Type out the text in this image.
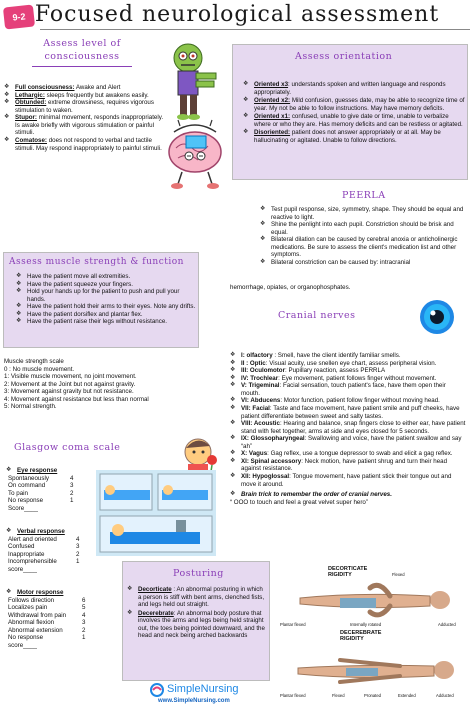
9-2 Focused neurological assessment
Assess level of consciousness
❖ Full consciousness: Awake and Alert
❖ Lethargic: sleeps frequently but awakens easily.
❖ Obtunded: extreme drowsiness, requires vigorous stimulation to waken.
❖ Stupor: minimal movement, responds inappropriately. Is awake briefly with vigorous stimulation or painful stimuli.
❖ Comatose: does not respond to verbal and tactile stimuli. May respond inappropriately to painful stimuli.
Assess orientation
❖ Oriented x3: understands spoken and written language and responds appropriately.
❖ Oriented x2: Mild confusion, guesses date, may be able to recognize time of year. My not be able to follow instructions. May have memory deficits.
❖ Oriented x1: confused, unable to give date or time, unable to verbalize where or who they are. Has memory deficits and can be restless or agitated.
❖ Disoriented: patient does not answer appropriately or at all. May be hallucinating or agitated. Unable to follow directions.
PEERLA
❖ Test pupil response, size, symmetry, shape. They should be equal and reactive to light.
❖ Shine the penlight into each pupil. Constriction should be brisk and equal.
❖ Bilateral dilation can be caused by cerebral anoxia or anticholinergic medications. Be sure to assess the client's medication list and other symptoms.
❖ Bilateral constriction can be caused by: intracranial
hemorrhage, opiates, or organophosphates.
Assess muscle strength & function
❖ Have the patient move all extremities.
❖ Have the patient squeeze your fingers.
❖ Hold your hands up for the patient to push and pull your hands.
❖ Have the patient hold their arms to their eyes. Note any drifts.
❖ Have the patient dorsiflex and plantar flex.
❖ Have the patient raise their legs without resistance.
Muscle strength scale
0 : No muscle movement.
1: Visible muscle movement, no joint movement.
2: Movement at the Joint but not against gravity.
3: Movement against gravity but not resistance.
4: Movement against resistance but less than normal
5: Normal strength.
Cranial nerves
❖ I: olfactory : Smell, have the client identify familiar smells.
❖ II : Optic: Visual acuity, use snellen eye chart, assess peripheral vision.
❖ III: Oculomotor: Pupillary reaction, assess PERRLA
❖ IV: Trochlear: Eye movement, patient follows finger without movement.
❖ V: Trigeminal: Facial sensation, touch patient's face, have them open their mouth.
❖ VI: Abducens: Motor function, patient follow finger without moving head.
❖ VII: Facial: Taste and face movement, have patient smile and puff cheeks, have patient differentiate between sweet and salty tastes.
❖ VIII: Acoustic: Hearing and balance, snap fingers close to either ear, have patient stand with feet together, arms at side and eyes closed for 5 seconds.
❖ IX: Glossopharyngeal: Swallowing and voice, have the patient swallow and say “ah”
❖ X: Vagus: Gag reflex, use a tongue depressor to swab and elicit a gag reflex.
❖ XI: Spinal accessory: Neck motion, have patient shrug and turn their head against resistance.
❖ XII: Hypoglossal: Tongue movement, have patient stick their tongue out and move it around.
❖ Brain trick to remember the order of cranial nerves.
“ OOO to touch and feel a great velvet super hero”
Glasgow coma scale
❖ Eye response
Spontaneously	4
On command	3
To pain	2
No response	1
Score____
❖ Verbal response
Alert and oriented	4
Confused	3
Inappropriate	2
Incomprehensible	1
score____
❖ Motor response
Follows direction	6
Localizes pain	5
Withdrawal from pain	4
Abnormal flexion	3
Abnormal extension	2
No response	1
score____
Posturing
❖ Decorticate : An abnormal posturing in which a person is stiff with bent arms, clenched fists, and legs held out straight.
❖ Decerebrate: An abnormal body posture that involves the arms and legs being held straight out, the toes being pointed downward, and the head and neck being arched backwards
DECORTICATE RIGIDITY
Plantar flexed	Internally rotated
Flexed
Adducted
DECEREBRATE RIGIDITY
Plantar flexed	Flexed	Pronated	Extended	Adducted
SimpleNursing
www.SimpleNursing.com
